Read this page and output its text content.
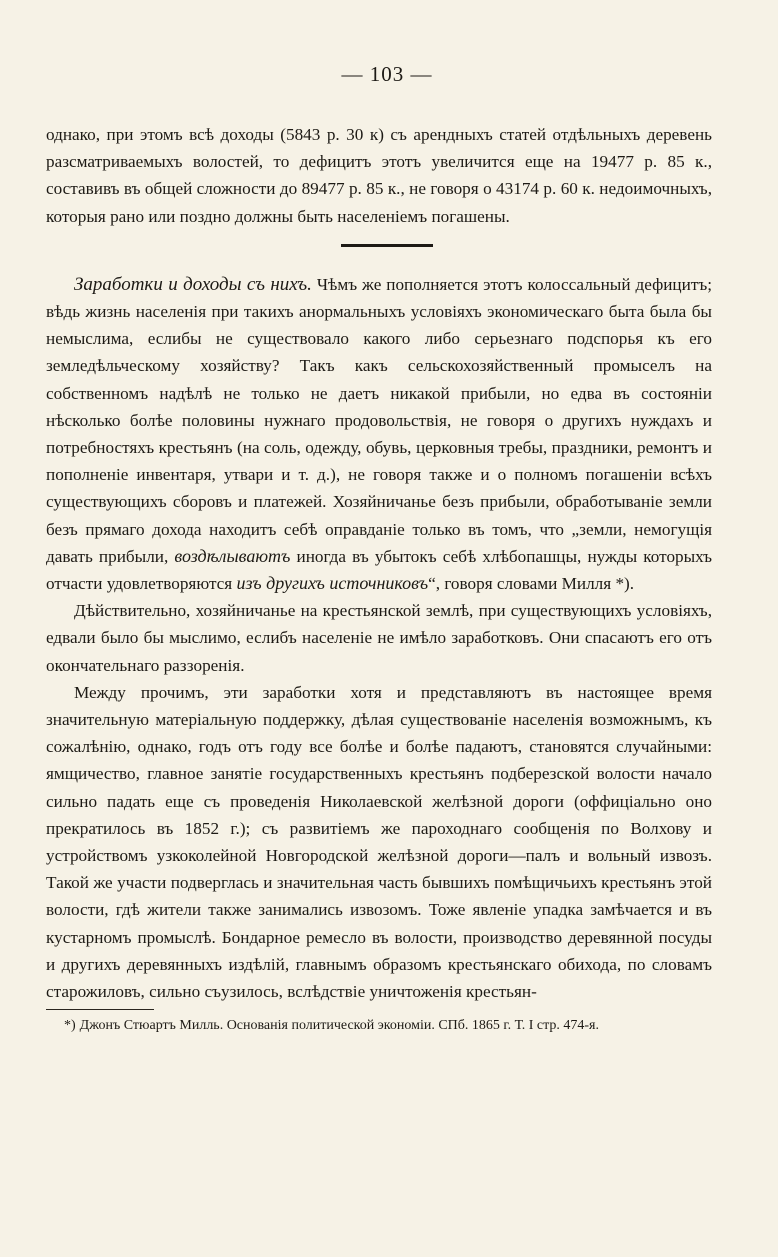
— 103 —

однако, при этомъ всѣ доходы (5843 р. 30 к) съ арендныхъ статей отдѣльныхъ деревень разсматриваемыхъ волостей, то дефицитъ этотъ увеличится еще на 19477 р. 85 к., составивъ въ общей сложности до 89477 р. 85 к., не говоря о 43174 р. 60 к. недоимочныхъ, которыя рано или поздно должны быть населеніемъ погашены.

Заработки и доходы съ нихъ. Чѣмъ же пополняется этотъ колоссальный дефицитъ; вѣдь жизнь населенія при такихъ анормальныхъ условіяхъ экономическаго быта была бы немыслима, еслибы не существовало какого либо серьезнаго подспорья къ его земледѣльческому хозяйству? Такъ какъ сельскохозяйственный промыселъ на собственномъ надѣлѣ не только не даетъ никакой прибыли, но едва въ состояніи нѣсколько болѣе половины нужнаго продовольствія, не говоря о другихъ нуждахъ и потребностяхъ крестьянъ (на соль, одежду, обувь, церковныя требы, праздники, ремонтъ и пополненіе инвентаря, утвари и т. д.), не говоря также и о полномъ погашеніи всѣхъ существующихъ сборовъ и платежей. Хозяйничанье безъ прибыли, обработываніе земли безъ прямаго дохода находитъ себѣ оправданіе только въ томъ, что „земли, немогущія давать прибыли, воздѣлываютъ иногда въ убытокъ себѣ хлѣбопашцы, нужды которыхъ отчасти удовлетворяются изъ другихъ источниковъ“, говоря словами Милля *).

Дѣйствительно, хозяйничанье на крестьянской землѣ, при существующихъ условіяхъ, едвали было бы мыслимо, еслибъ населеніе не имѣло заработковъ. Они спасаютъ его отъ окончательнаго раззоренія.

Между прочимъ, эти заработки хотя и представляютъ въ настоящее время значительную матеріальную поддержку, дѣлая существованіе населенія возможнымъ, къ сожалѣнію, однако, годъ отъ году все болѣе и болѣе падаютъ, становятся случайными: ямщичество, главное занятіе государственныхъ крестьянъ подберезской волости начало сильно падать еще съ проведенія Николаевской желѣзной дороги (оффиціально оно прекратилось въ 1852 г.); съ развитіемъ же пароходнаго сообщенія по Волхову и устройствомъ узкоколейной Новгородской желѣзной дороги—палъ и вольный извозъ. Такой же участи подверглась и значительная часть бывшихъ помѣщичьихъ крестьянъ этой волости, гдѣ жители также занимались извозомъ. Тоже явленіе упадка замѣчается и въ кустарномъ промыслѣ. Бондарное ремесло въ волости, производство деревянной посуды и другихъ деревянныхъ издѣлій, главнымъ образомъ крестьянскаго обихода, по словамъ старожиловъ, сильно съузилось, вслѣдствіе уничтоженія крестьян-

*) Джонъ Стюартъ Милль. Основанія политической экономіи. СПб. 1865 г. Т. I стр. 474-я.
